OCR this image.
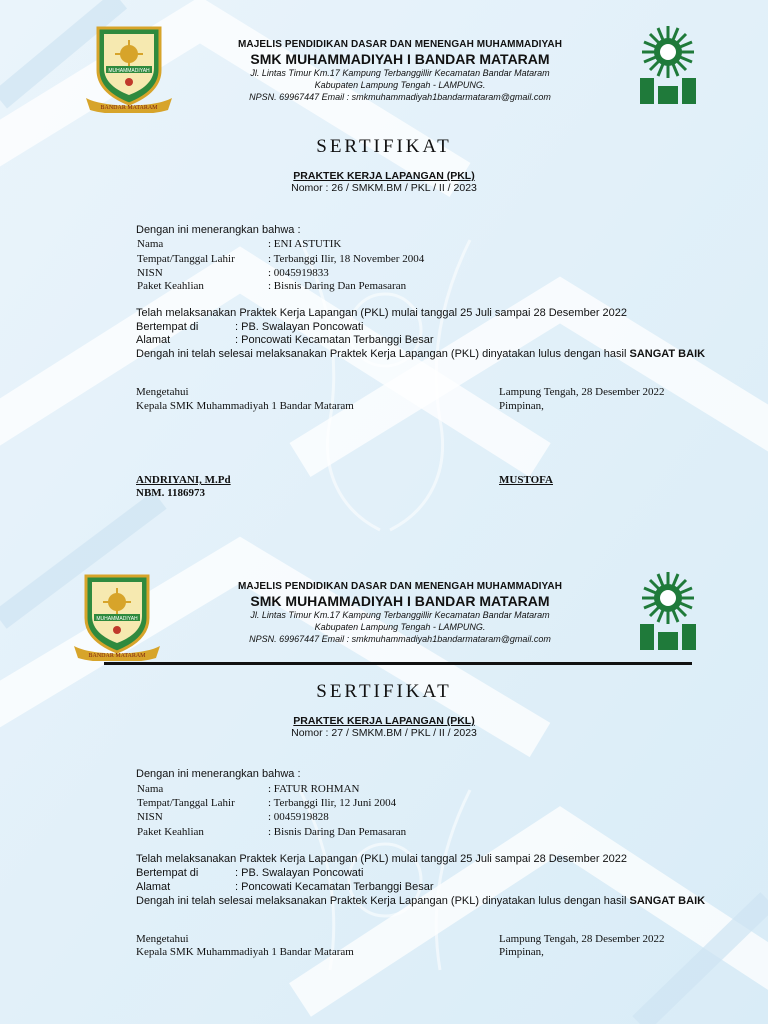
MUHAMMADIYAH
BANDAR MATARAM
MAJELIS PENDIDIKAN DASAR DAN MENENGAH MUHAMMADIYAH
SMK MUHAMMADIYAH I BANDAR MATARAM
Jl. Lintas Timur Km.17 Kampung Terbanggillir Kecamatan Bandar Mataram
Kabupaten Lampung Tengah - LAMPUNG.
NPSN. 69967447 Email : smkmuhammadiyah1bandarmataram@gmail.com
SERTIFIKAT
PRAKTEK KERJA LAPANGAN (PKL)
Nomor : 26 / SMKM.BM / PKL / II / 2023
Dengan ini menerangkan bahwa :
Nama	: ENI ASTUTIK
Tempat/Tanggal Lahir	: Terbanggi Ilir, 18 November 2004
NISN	: 0045919833
Paket Keahlian	: Bisnis Daring Dan Pemasaran
Telah melaksanakan Praktek Kerja Lapangan (PKL) mulai tanggal 25 Juli sampai 28 Desember 2022
Bertempat di	: PB. Swalayan Poncowati
Alamat	: Poncowati Kecamatan Terbanggi Besar
Dengah ini telah selesai melaksanakan Praktek Kerja Lapangan (PKL) dinyatakan lulus dengan hasil SANGAT BAIK
Mengetahui
Kepala SMK Muhammadiyah 1 Bandar Mataram
Lampung Tengah, 28 Desember 2022
Pimpinan,
ANDRIYANI, M.Pd
NBM. 1186973
MUSTOFA
MUHAMMADIYAH
BANDAR MATARAM
MAJELIS PENDIDIKAN DASAR DAN MENENGAH MUHAMMADIYAH
SMK MUHAMMADIYAH I BANDAR MATARAM
Jl. Lintas Timur Km.17 Kampung Terbanggillir Kecamatan Bandar Mataram
Kabupaten Lampung Tengah - LAMPUNG.
NPSN. 69967447 Email : smkmuhammadiyah1bandarmataram@gmail.com
SERTIFIKAT
PRAKTEK KERJA LAPANGAN (PKL)
Nomor : 27 / SMKM.BM / PKL / II / 2023
Dengan ini menerangkan bahwa :
Nama	: FATUR ROHMAN
Tempat/Tanggal Lahir	: Terbanggi Ilir, 12 Juni 2004
NISN	: 0045919828
Paket Keahlian	: Bisnis Daring Dan Pemasaran
Telah melaksanakan Praktek Kerja Lapangan (PKL) mulai tanggal 25 Juli sampai 28 Desember 2022
Bertempat di	: PB. Swalayan Poncowati
Alamat	: Poncowati Kecamatan Terbanggi Besar
Dengah ini telah selesai melaksanakan Praktek Kerja Lapangan (PKL) dinyatakan lulus dengan hasil SANGAT BAIK
Mengetahui
Kepala SMK Muhammadiyah 1 Bandar Mataram
Lampung Tengah, 28 Desember 2022
Pimpinan,
